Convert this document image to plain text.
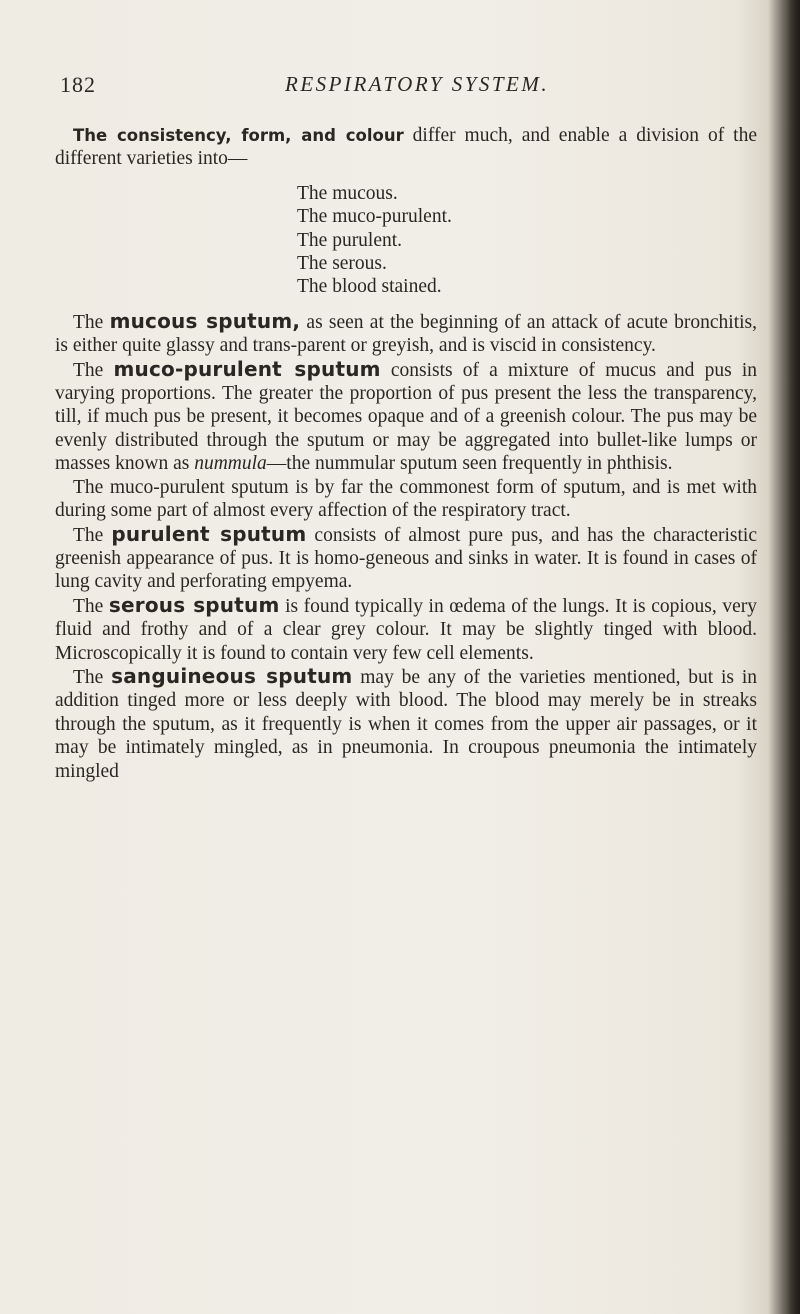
182	RESPIRATORY SYSTEM.

The consistency, form, and colour differ much, and enable a division of the different varieties into—

The mucous.
The muco-purulent.
The purulent.
The serous.
The blood stained.

The mucous sputum, as seen at the beginning of an attack of acute bronchitis, is either quite glassy and trans-parent or greyish, and is viscid in consistency.

The muco-purulent sputum consists of a mixture of mucus and pus in varying proportions. The greater the proportion of pus present the less the transparency, till, if much pus be present, it becomes opaque and of a greenish colour. The pus may be evenly distributed through the sputum or may be aggregated into bullet-like lumps or masses known as nummula—the nummular sputum seen frequently in phthisis.

The muco-purulent sputum is by far the commonest form of sputum, and is met with during some part of almost every affection of the respiratory tract.

The purulent sputum consists of almost pure pus, and has the characteristic greenish appearance of pus. It is homo-geneous and sinks in water. It is found in cases of lung cavity and perforating empyema.

The serous sputum is found typically in œdema of the lungs. It is copious, very fluid and frothy and of a clear grey colour. It may be slightly tinged with blood. Microscopically it is found to contain very few cell elements.

The sanguineous sputum may be any of the varieties mentioned, but is in addition tinged more or less deeply with blood. The blood may merely be in streaks through the sputum, as it frequently is when it comes from the upper air passages, or it may be intimately mingled, as in pneumonia. In croupous pneumonia the intimately mingled
